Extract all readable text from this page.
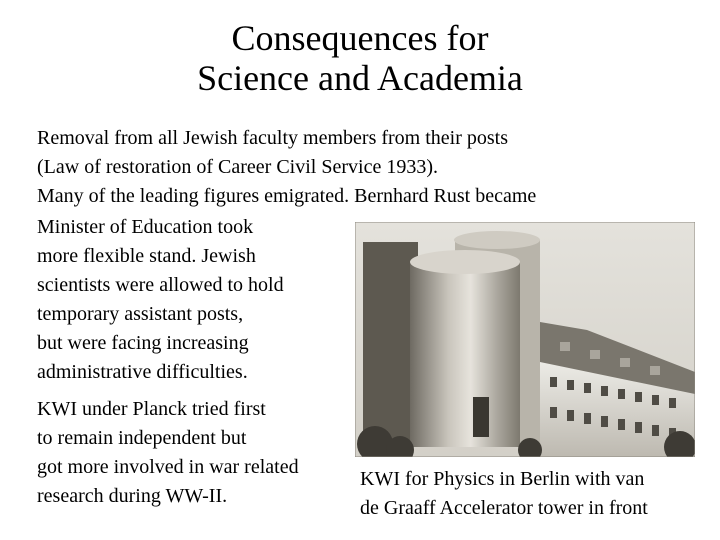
Consequences for
Science and Academia
Removal from all Jewish faculty members from their posts
(Law of restoration of Career Civil Service 1933).
Many of the leading figures emigrated. Bernhard Rust became
Minister of Education took
more flexible stand. Jewish
scientists were allowed to hold
temporary assistant posts,
but were facing increasing
administrative difficulties.
KWI under Planck tried first
to remain independent but
got more involved in war related
research during WW-II.
KWI for Physics in Berlin with van
de Graaff Accelerator tower in front
